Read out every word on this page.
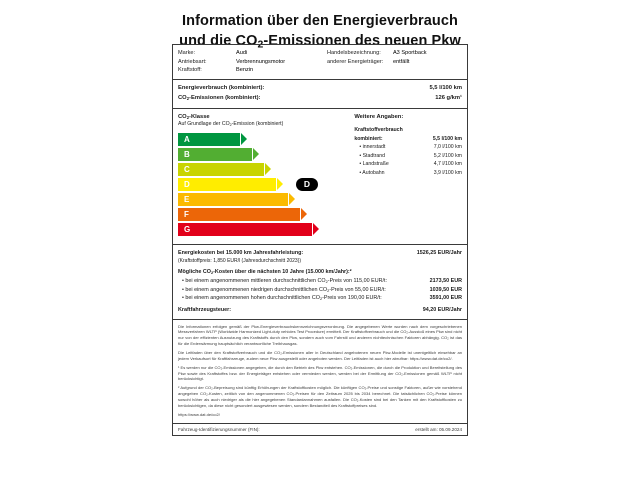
Information über den Energieverbrauch
und die $CO_2$-Emissionen des neuen Pkw
Marke:	Audi
Antriebsart:	Verbrennungsmotor
Kraftstoff:	Benzin
Handelsbezeichnung:	A3 Sportback
anderer Energieträger:	entfällt
Energieverbrauch (kombiniert):	5,5 l/100 km
$CO_2$-Emissionen (kombiniert):	126 g/km¹
$CO_2$-Klasse
Auf Grundlage der $CO_2$-Emission (kombiniert)
A
B
C
D	D
E
F
G
Weitere Angaben:
Kraftstoffverbrauch
kombiniert:	5,5 l/100 km
• innerstadt	7,0 l/100 km
• Stadtrand	5,2 l/100 km
• Landstraße	4,7 l/100 km
• Autobahn	3,9 l/100 km
Energiekosten bei 15.000 km Jahresfahrleistung:	1526,25 EUR/Jahr
(Kraftstoffpreis: 1,850 EUR/l (Jahresdurchschnitt 2023))
Mögliche $CO_2$-Kosten über die nächsten 10 Jahre (15.000 km/Jahr):²
• bei einem angenommenen mittleren durchschnittlichen $CO_2$-Preis von 115,00 EUR/t:	2173,50 EUR
• bei einem angenommenen niedrigen durchschnittlichen $CO_2$-Preis von 55,00 EUR/t:	1039,50 EUR
• bei einem angenommenen hohen durchschnittlichen $CO_2$-Preis von 190,00 EUR/t:	3591,00 EUR
Kraftfahrzeugsteuer:	94,20 EUR/Jahr

Die Informationen erfolgen gemäß der Pkw-Energieverbrauchskennzeichnungsverordnung. Die angegebenen Werte wurden nach dem vorgeschriebenen Messverfahren WLTP (Worldwide Harmonized Light-duty vehicles Test Procedure) ermittelt. Der Kraftstoffverbrauch und die CO₂-Ausstoß eines Pkw sind nicht nur von der effizienten Ausnutzung des Kraftstoffs durch den Pkw, sondern auch vom Fahrstil und anderen nichttechnischen Faktoren abhängig. CO₂ ist das für die Erderwärmung hauptsächlich verantwortliche Treibhausgas.

Die Leitfaden über den Kraftstoffverbrauch und die CO₂-Emissionen aller in Deutschland angebotenen neuen Pkw-Modelle ist unentgeltlich einsehbar an jedem Verkaufsort für Kraftfahrzeuge, zudem neue Pkw ausgestellt oder angeboten werden. Der Leitfaden ist auch hier abrufbar: https://www.dat.de/co2/.

¹ Es werden nur die CO₂-Emissionen angegeben, die durch den Betrieb des Pkw entstehen. CO₂-Emissionen, die durch die Produktion und Bereitstellung des Pkw sowie des Kraftstoffes bzw. der Energieträger entstehen oder vermieden werden, werden bei der Ermittlung der CO₂-Emissionen gemäß WLTP nicht berücksichtigt.

² Aufgrund der CO₂-Bepreisung sind künftig Erhöhungen der Kraftstoffkosten möglich. Die künftigen CO₂-Preise und sonstige Faktoren, außer wie vorstehend angegeben CO₂-Kosten, zeitlich von den angenommenen CO₂-Preisen für den Zeitraum 2025 bis 2034 berechnet. Die tatsächlichen CO₂-Preise können sowohl höher als auch niedriger als die hier angegebenen Standardannahmen ausfallen. Die CO₂-Kosten sind bei den Tanken mit den Kraftstoffkosten zu berücksichtigen, da diese nicht gesondert ausgewiesen werden, sondern Bestandteil des Kraftstoffpreises sind.

https://www.dat.de/co2/

Fahrzeug-Identifizierungsnummer (FIN):	erstellt am: 05.09.2024
